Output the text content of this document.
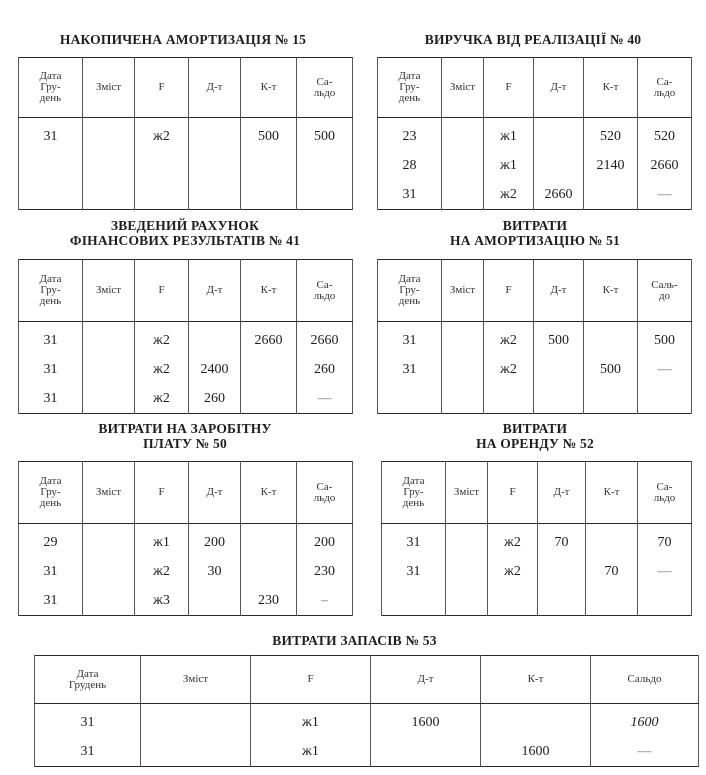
НАКОПИЧЕНА АМОРТИЗАЦІЯ № 15
Дата
Гру-
день	Зміст	F	Д-т	К-т	Са-
льдо
31		ж2		500	500

ВИРУЧКА ВІД РЕАЛІЗАЦІЇ № 40
Дата
Гру-
день	Зміст	F	Д-т	К-т	Са-
льдо
23		ж1		520	520
28		ж1		2140	2660
31		ж2	2660		—
ЗВЕДЕНИЙ РАХУНОК
ФІНАНСОВИХ РЕЗУЛЬТАТІВ № 41
Дата
Гру-
день	Зміст	F	Д-т	К-т	Са-
льдо
31		ж2		2660	2660
31		ж2	2400		260
31		ж2	260		—
ВИТРАТИ
НА АМОРТИЗАЦІЮ № 51
Дата
Гру-
день	Зміст	F	Д-т	К-т	Саль-
до
31		ж2	500		500
31		ж2		500	—

ВИТРАТИ НА ЗАРОБІТНУ
ПЛАТУ № 50
Дата
Гру-
день	Зміст	F	Д-т	К-т	Са-
льдо
29		ж1	200		200
31		ж2	30		230
31		ж3		230	–
ВИТРАТИ
НА ОРЕНДУ № 52
Дата
Гру-
день	Зміст	F	Д-т	К-т	Са-
льдо
31		ж2	70		70
31		ж2		70	—

ВИТРАТИ ЗАПАСІВ № 53
Дата
Грудень	Зміст	F	Д-т	К-т	Сальдо
31		ж1	1600		1600
31		ж1		1600	—
